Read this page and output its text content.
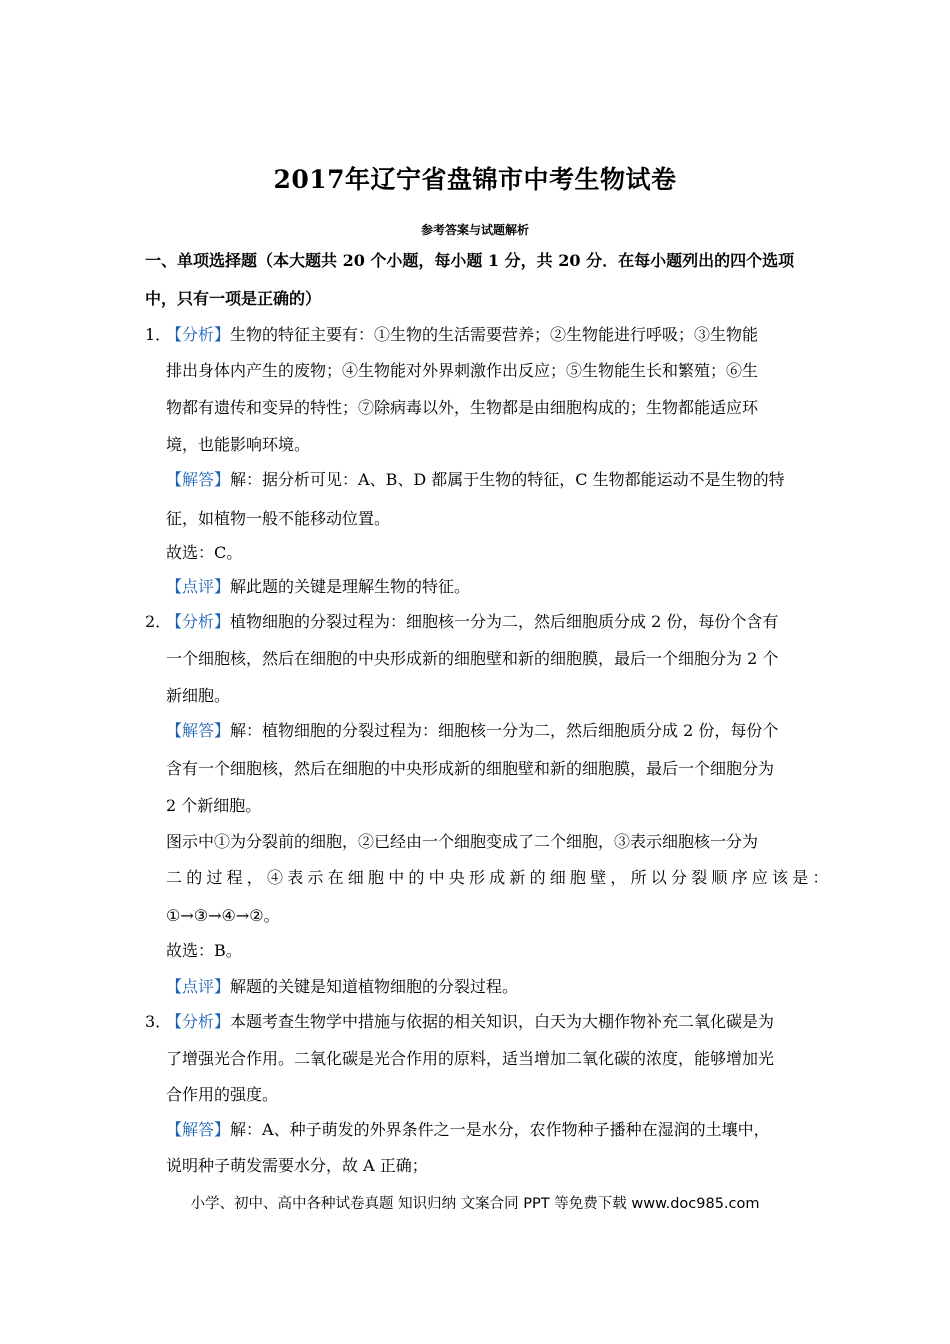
2017年辽宁省盘锦市中考生物试卷
参考答案与试题解析
一、单项选择题（本大题共 20 个小题，每小题 1 分，共 20 分．在每小题列出的四个选项
中，只有一项是正确的）
1．
【分析】生物的特征主要有：①生物的生活需要营养；②生物能进行呼吸；③生物能
排出身体内产生的废物；④生物能对外界刺激作出反应；⑤生物能生长和繁殖；⑥生
物都有遗传和变异的特性；⑦除病毒以外，生物都是由细胞构成的；生物都能适应环
境，也能影响环境。
【解答】解：据分析可见：A、B、D 都属于生物的特征，C 生物都能运动不是生物的特
征，如植物一般不能移动位置。
故选：C。
【点评】解此题的关键是理解生物的特征。
2．
【分析】植物细胞的分裂过程为：细胞核一分为二，然后细胞质分成 2 份，每份个含有
一个细胞核，然后在细胞的中央形成新的细胞壁和新的细胞膜，最后一个细胞分为 2 个
新细胞。
【解答】解：植物细胞的分裂过程为：细胞核一分为二，然后细胞质分成 2 份，每份个
含有一个细胞核，然后在细胞的中央形成新的细胞壁和新的细胞膜，最后一个细胞分为
2 个新细胞。
图示中①为分裂前的细胞，②已经由一个细胞变成了二个细胞，③表示细胞核一分为
二的过程，④表示在细胞中的中央形成新的细胞壁，所以分裂顺序应该是：
①→③→④→②。
故选：B。
【点评】解题的关键是知道植物细胞的分裂过程。
3．
【分析】本题考查生物学中措施与依据的相关知识，白天为大棚作物补充二氧化碳是为
了增强光合作用。二氧化碳是光合作用的原料，适当增加二氧化碳的浓度，能够增加光
合作用的强度。
【解答】解：A、种子萌发的外界条件之一是水分，农作物种子播种在湿润的土壤中，
说明种子萌发需要水分，故 A 正确；
小学、初中、高中各种试卷真题 知识归纳 文案合同 PPT 等免费下载 www.doc985.com
